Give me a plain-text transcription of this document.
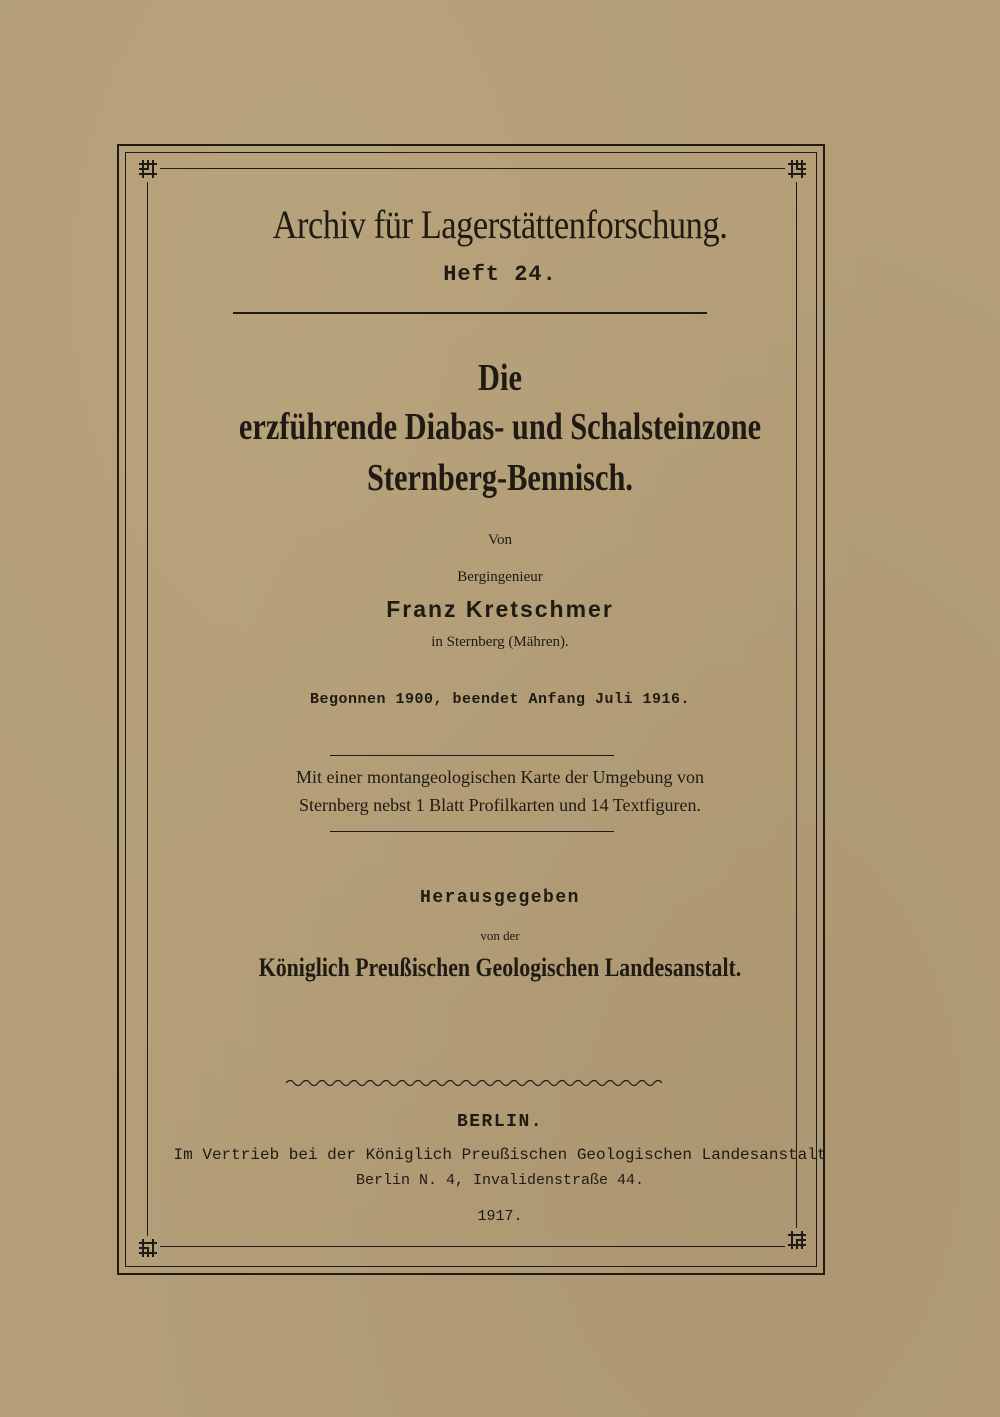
Archiv für Lagerstättenforschung.
Heft 24.
Die
erzführende Diabas- und Schalsteinzone
Sternberg-Bennisch.
Von
Bergingenieur
Franz Kretschmer
in Sternberg (Mähren).
Begonnen 1900, beendet Anfang Juli 1916.
Mit einer montangeologischen Karte der Umgebung von
Sternberg nebst 1 Blatt Profilkarten und 14 Textfiguren.
Herausgegeben
von der
Königlich Preußischen Geologischen Landesanstalt.
BERLIN.
Im Vertrieb bei der Königlich Preußischen Geologischen Landesanstalt
Berlin N. 4, Invalidenstraße 44.
1917.
